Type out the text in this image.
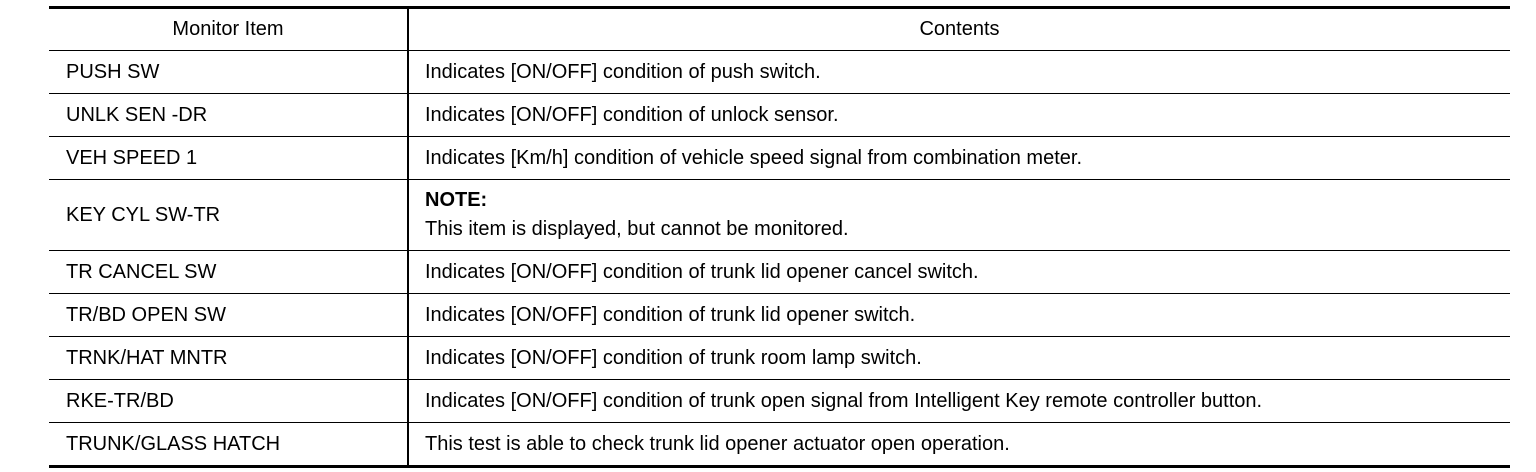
Monitor Item	Contents
PUSH SW	Indicates [ON/OFF] condition of push switch.
UNLK SEN -DR	Indicates [ON/OFF] condition of unlock sensor.
VEH SPEED 1	Indicates [Km/h] condition of vehicle speed signal from combination meter.
KEY CYL SW-TR	NOTE:
This item is displayed, but cannot be monitored.

TR CANCEL SW	Indicates [ON/OFF] condition of trunk lid opener cancel switch.
TR/BD OPEN SW	Indicates [ON/OFF] condition of trunk lid opener switch.
TRNK/HAT MNTR	Indicates [ON/OFF] condition of trunk room lamp switch.
RKE-TR/BD	Indicates [ON/OFF] condition of trunk open signal from Intelligent Key remote controller button.
TRUNK/GLASS HATCH	This test is able to check trunk lid opener actuator open operation.
